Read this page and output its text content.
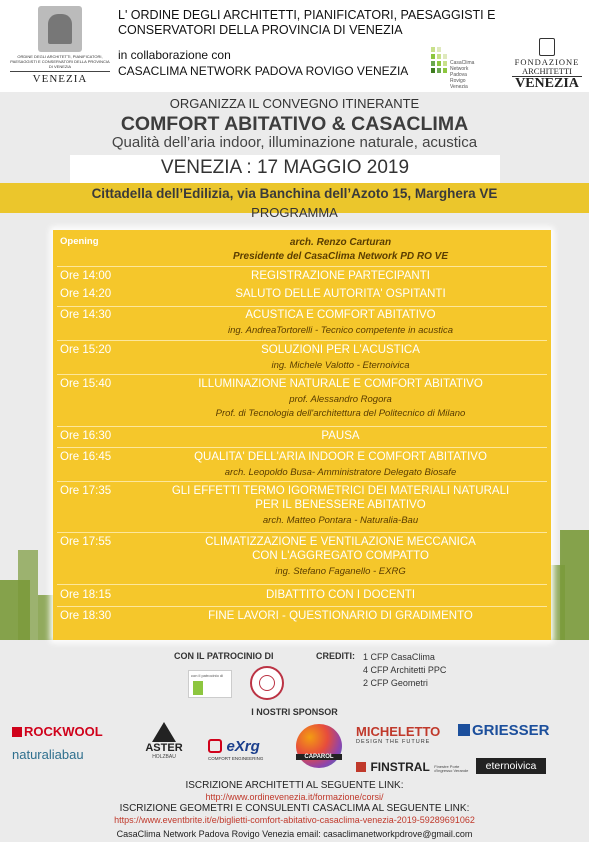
ORDINE DEGLI ARCHITETTI, PIANIFICATORI, PAESAGGISTI E CONSERVATORI DELLA PROVINCIA DI VENEZIA
VENEZIA
L' ORDINE DEGLI ARCHITETTI, PIANIFICATORI, PAESAGGISTI E
CONSERVATORI DELLA PROVINCIA DI VENEZIA
in collaborazione con
CASACLIMA NETWORK PADOVA ROVIGO VENEZIA
CasaClima
Network
Padova Rovigo Venezia
FONDAZIONE
ARCHITETTI
VENEZIA
ORGANIZZA IL CONVEGNO ITINERANTE
COMFORT ABITATIVO & CASACLIMA
Qualità dell’aria indoor, illuminazione naturale, acustica
VENEZIA : 17 MAGGIO 2019
Cittadella dell’Edilizia, via Banchina dell’Azoto 15, Marghera VE
PROGRAMMA
Opening	arch. Renzo Carturan
Presidente del CasaClima Network PD RO VE
Ore 14:00	REGISTRAZIONE PARTECIPANTI
Ore 14:20	SALUTO DELLE AUTORITA' OSPITANTI
Ore 14:30	ACUSTICA E COMFORT ABITATIVO
ing. AndreaTortorelli - Tecnico competente in acustica
Ore 15:20	SOLUZIONI PER L'ACUSTICA
ing. Michele Valotto - Eternoivica
Ore 15:40	ILLUMINAZIONE NATURALE E COMFORT ABITATIVO
prof. Alessandro Rogora
Prof. di Tecnologia dell'architettura del Politecnico di Milano
Ore 16:30	PAUSA
Ore 16:45	QUALITA' DELL'ARIA INDOOR E COMFORT ABITATIVO
arch. Leopoldo Busa- Amministratore Delegato Biosafe
Ore 17:35	GLI EFFETTI TERMO IGORMETRICI DEI MATERIALI NATURALI
PER IL BENESSERE ABITATIVO
arch. Matteo Pontara - Naturalia-Bau
Ore 17:55	CLIMATIZZAZIONE E VENTILAZIONE MECCANICA
CON L'AGGREGATO COMPATTO
ing. Stefano Faganello - EXRG
Ore 18:15	DIBATTITO CON I DOCENTI
Ore 18:30	FINE LAVORI - QUESTIONARIO DI GRADIMENTO
CON IL PATROCINIO DI	CREDITI: 1 CFP CasaClima
4 CFP Architetti PPC
2 CFP Geometri
con il patrocinio di
I NOSTRI SPONSOR
ROCKWOOL
naturaliabau	ASTER
HOLZBAU
eXrg
COMFORT ENGINEERING	CAPAROL
MICHELETTO
DESIGN THE FUTURE
FINSTRAL Finestre Porte d'ingresso Verande
GRIESSER
eternoivica
ISCRIZIONE ARCHITETTI AL SEGUENTE LINK:
http://www.ordinevenezia.it/formazione/corsi/
ISCRIZIONE GEOMETRI E CONSULENTI CASACLIMA AL SEGUENTE LINK:
https://www.eventbrite.it/e/biglietti-comfort-abitativo-casaclima-venezia-2019-59289691062
CasaClima Network Padova Rovigo Venezia email: casaclimanetworkpdrove@gmail.com
